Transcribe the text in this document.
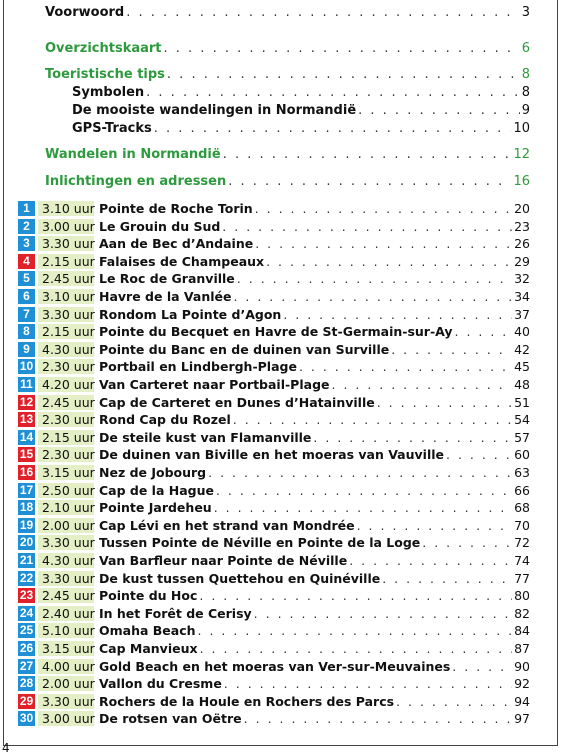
Voorwoord . . .	3
Overzichtskaart . . .	6
Toeristische tips . . .	8
Symbolen . . .	8
De mooiste wandelingen in Normandië . . .	9
GPS-Tracks . . .	10
Wandelen in Normandië . . .	12
Inlichtingen en adressen . . .	16
1 3.10 uur Pointe de Roche Torin . . .	20
2 3.00 uur Le Grouin du Sud . . .	23
3 3.30 uur Aan de Bec d’Andaine . . .	26
4 2.15 uur Falaises de Champeaux . . .	29
5 2.45 uur Le Roc de Granville . . .	32
6 3.10 uur Havre de la Vanlée . . .	34
7 3.30 uur Rondom La Pointe d’Agon . . .	37
8 2.15 uur Pointe du Becquet en Havre de St-Germain-sur-Ay . . .	40
9 4.30 uur Pointe du Banc en de duinen van Surville . . .	42
10 2.30 uur Portbail en Lindbergh-Plage . . .	45
11 4.20 uur Van Carteret naar Portbail-Plage . . .	48
12 2.45 uur Cap de Carteret en Dunes d’Hatainville . . .	51
13 2.30 uur Rond Cap du Rozel . . .	54
14 2.15 uur De steile kust van Flamanville . . .	57
15 2.30 uur De duinen van Biville en het moeras van Vauville . . .	60
16 3.15 uur Nez de Jobourg . . .	63
17 2.50 uur Cap de la Hague . . .	66
18 2.10 uur Pointe Jardeheu . . .	68
19 2.00 uur Cap Lévi en het strand van Mondrée . . .	70
20 3.30 uur Tussen Pointe de Néville en Pointe de la Loge . . .	72
21 4.30 uur Van Barfleur naar Pointe de Néville . . .	74
22 3.30 uur De kust tussen Quettehou en Quinéville . . .	77
23 2.45 uur Pointe du Hoc . . .	80
24 2.40 uur In het Forêt de Cerisy . . .	82
25 5.10 uur Omaha Beach . . .	84
26 3.15 uur Cap Manvieux . . .	87
27 4.00 uur Gold Beach en het moeras van Ver-sur-Meuvaines . . .	90
28 2.00 uur Vallon du Cresme . . .	92
29 3.30 uur Rochers de la Houle en Rochers des Parcs . . .	94
30 3.00 uur De rotsen van Oëtre . . .	97
4
